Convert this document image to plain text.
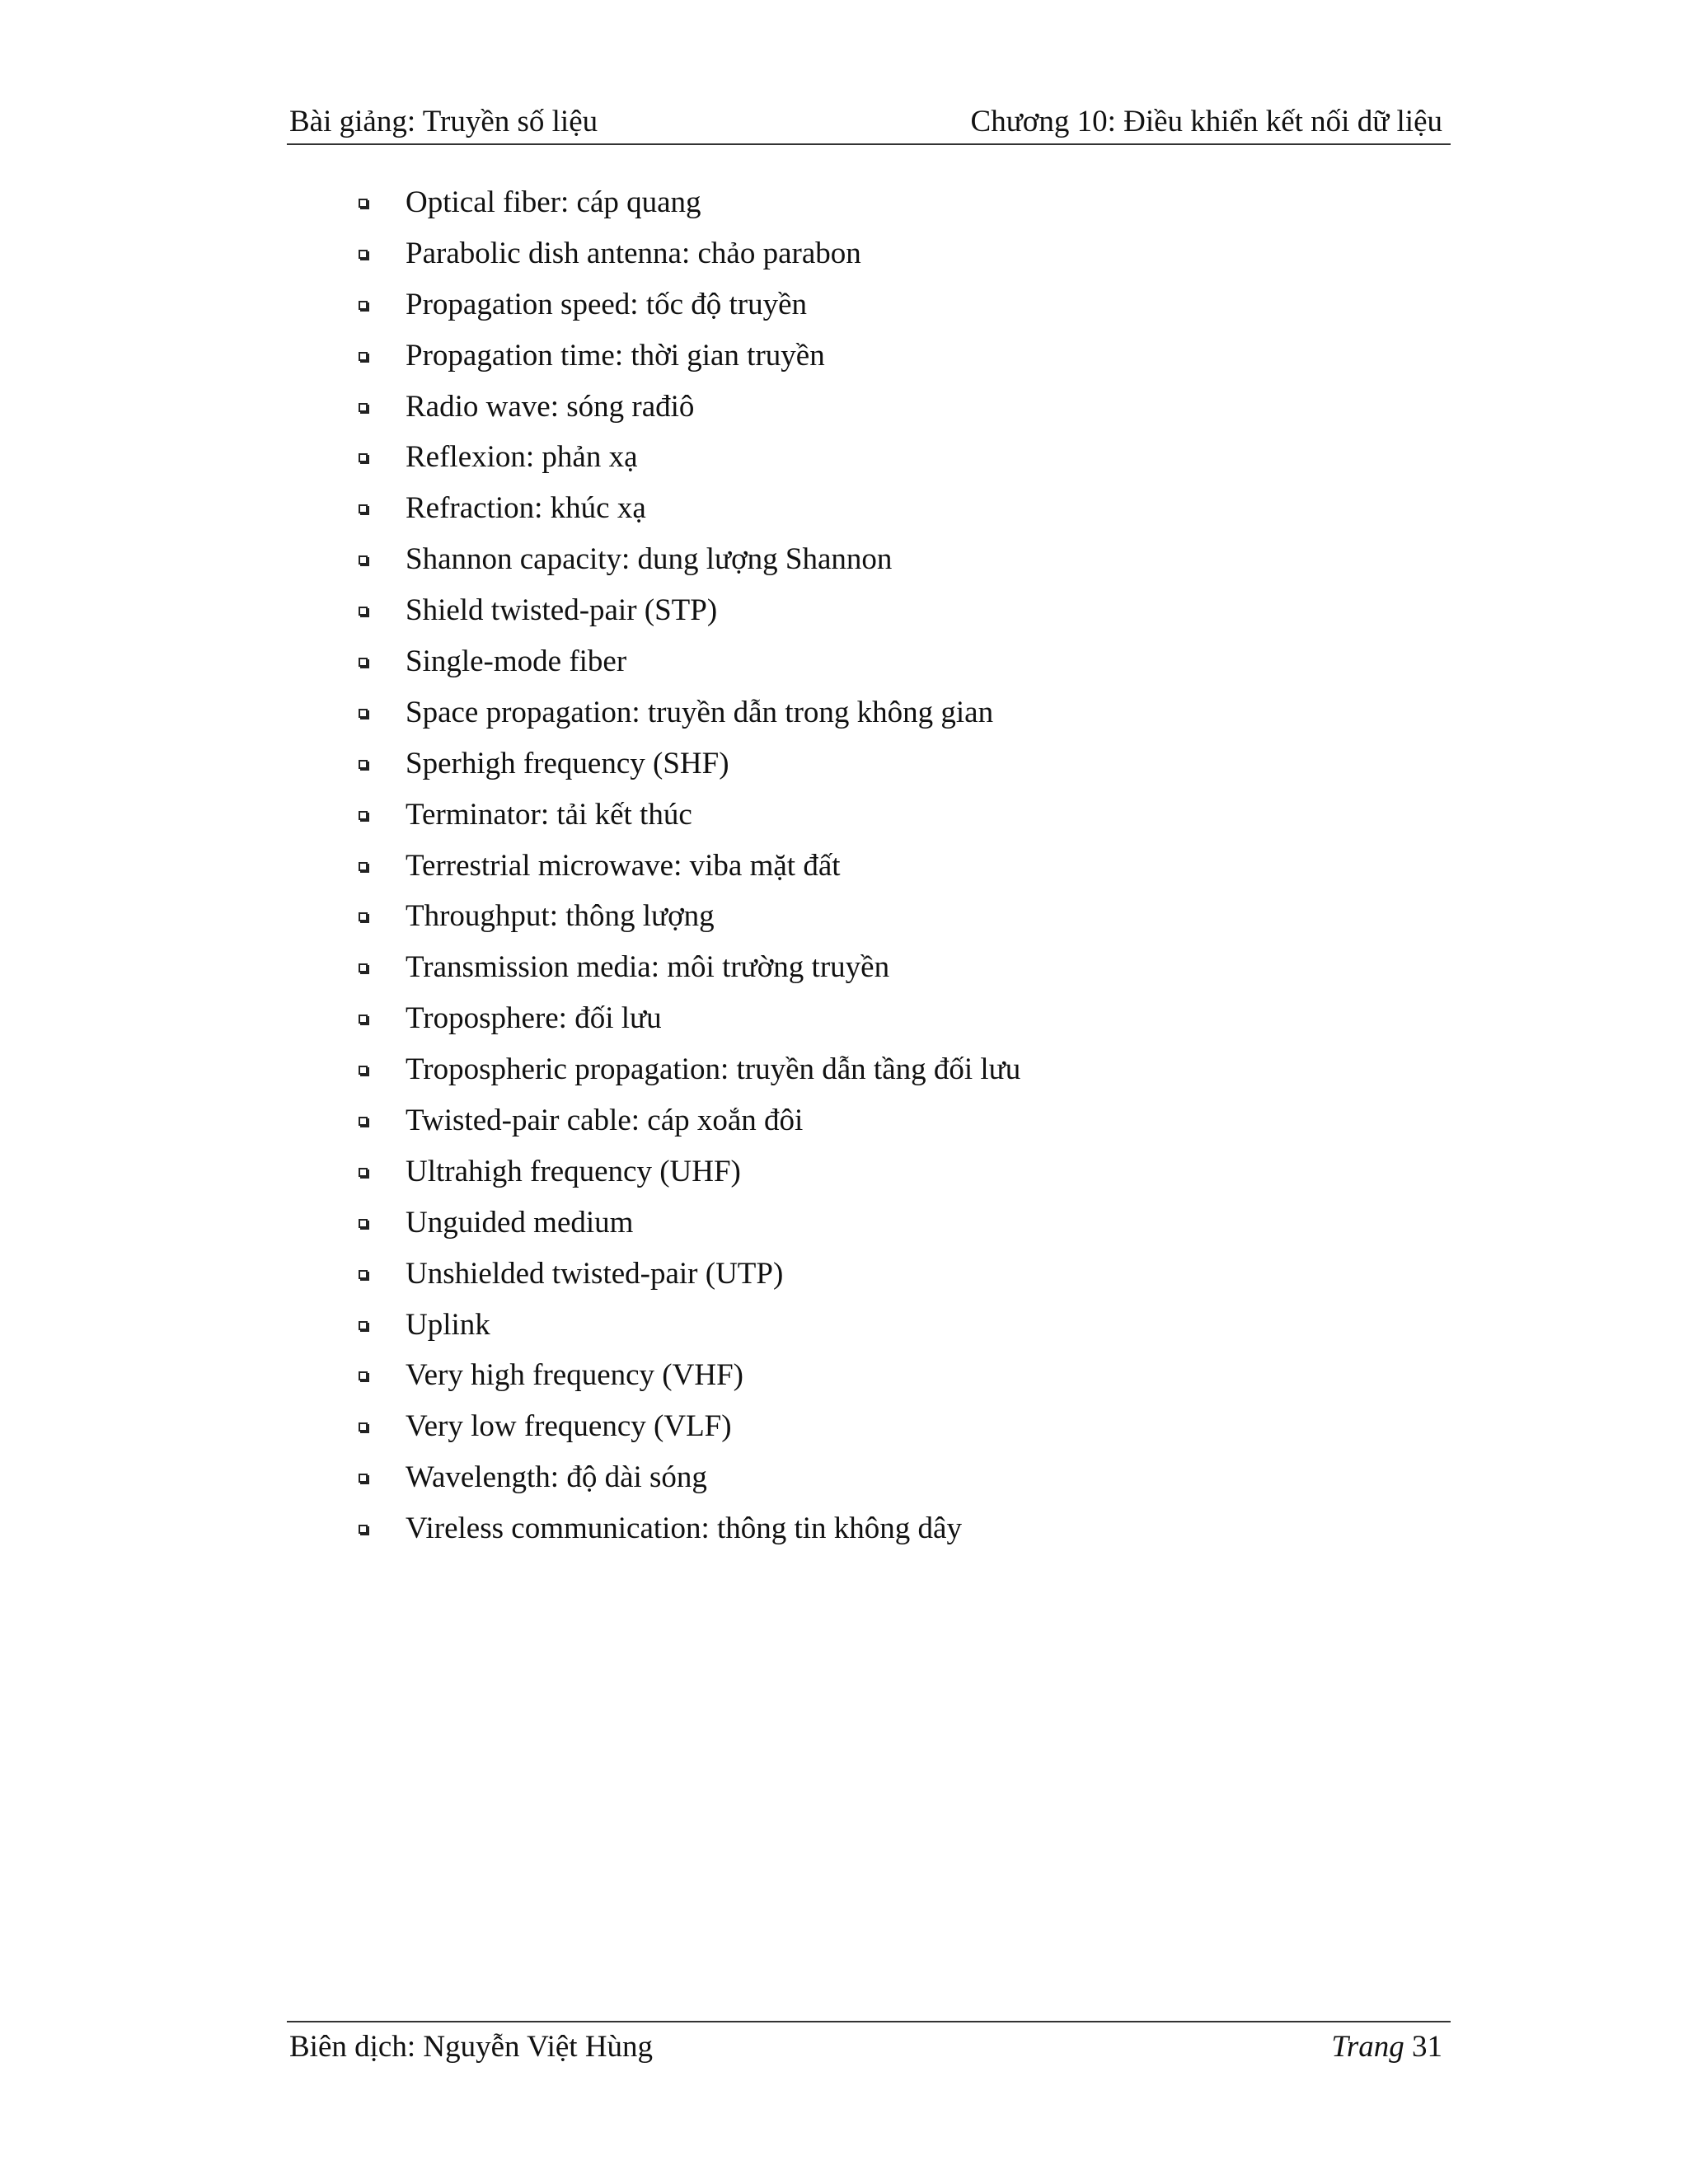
Bài giảng: Truyền số liệu	Chương 10: Điều khiển kết nối dữ liệu
Optical fiber: cáp quang
Parabolic dish antenna: chảo parabon
Propagation speed: tốc độ truyền
Propagation time: thời gian truyền
Radio wave: sóng rađiô
Reflexion: phản xạ
Refraction: khúc xạ
Shannon capacity: dung lượng Shannon
Shield twisted-pair (STP)
Single-mode fiber
Space propagation: truyền dẫn trong không gian
Sperhigh frequency (SHF)
Terminator: tải kết thúc
Terrestrial microwave: viba mặt đất
Throughput: thông lượng
Transmission media: môi trường truyền
Troposphere: đối lưu
Tropospheric propagation: truyền dẫn tầng đối lưu
Twisted-pair cable: cáp xoắn đôi
Ultrahigh frequency (UHF)
Unguided medium
Unshielded twisted-pair (UTP)
Uplink
Very high frequency (VHF)
Very low frequency (VLF)
Wavelength: độ dài sóng
Vireless communication: thông tin không dây
Biên dịch: Nguyễn Việt Hùng	Trang 31
